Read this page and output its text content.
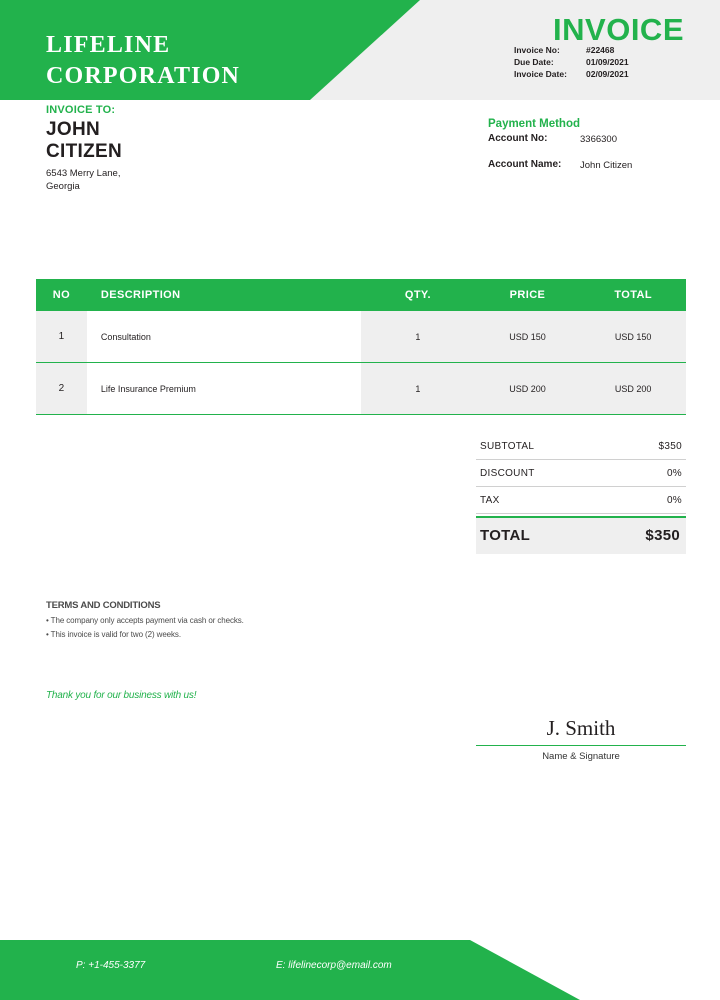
LIFELINE
CORPORATION
INVOICE
Invoice No:	#22468
Due Date:	01/09/2021
Invoice Date:	02/09/2021
INVOICE TO:
JOHN
CITIZEN
6543 Merry Lane,
Georgia
Payment Method
Account No:	3366300
Account Name:	John Citizen
NO	DESCRIPTION	QTY.	PRICE	TOTAL
1	Consultation	1	USD 150	USD 150
2	Life Insurance Premium	1	USD 200	USD 200
SUBTOTAL	$350
DISCOUNT	0%
TAX	0%
TOTAL	$350
TERMS AND CONDITIONS
• The company only accepts payment via cash or checks.
• This invoice is valid for two (2) weeks.
Thank you for our business with us!
J. Smith
Name & Signature
P: +1-455-3377	E: lifelinecorp@email.com
